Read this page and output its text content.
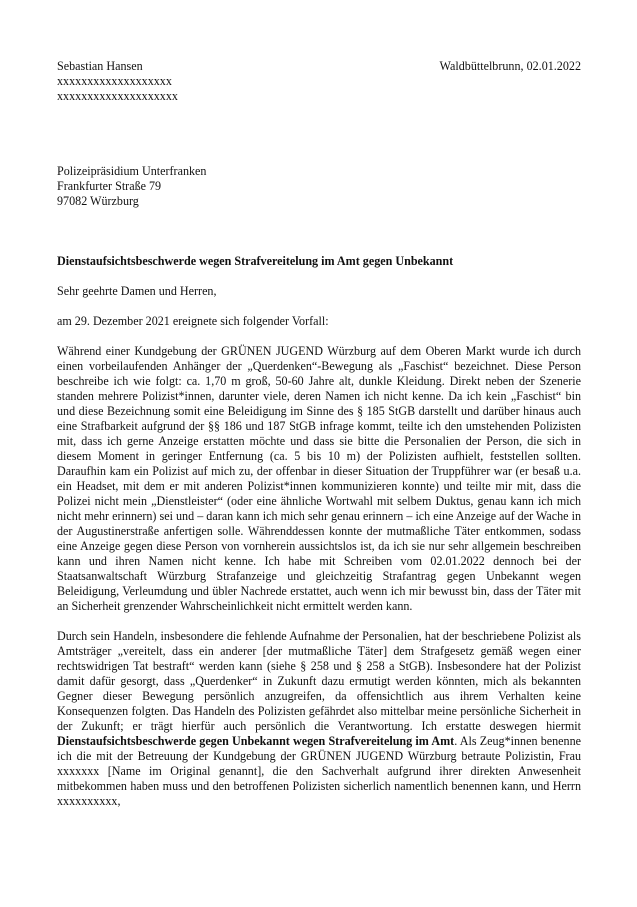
Sebastian Hansen
xxxxxxxxxxxxxxxxxxx
xxxxxxxxxxxxxxxxxxxx
Waldbüttelbrunn, 02.01.2022
Polizeipräsidium Unterfranken
Frankfurter Straße 79
97082 Würzburg
Dienstaufsichtsbeschwerde wegen Strafvereitelung im Amt gegen Unbekannt
Sehr geehrte Damen und Herren,
am 29. Dezember 2021 ereignete sich folgender Vorfall:

Während einer Kundgebung der GRÜNEN JUGEND Würzburg auf dem Oberen Markt wurde ich durch einen vorbeilaufenden Anhänger der „Querdenken“-Bewegung als „Faschist“ bezeichnet. Diese Person beschreibe ich wie folgt: ca. 1,70 m groß, 50-60 Jahre alt, dunkle Kleidung. Direkt neben der Szenerie standen mehrere Polizist*innen, darunter viele, deren Namen ich nicht kenne. Da ich kein „Faschist“ bin und diese Bezeichnung somit eine Beleidigung im Sinne des § 185 StGB darstellt und darüber hinaus auch eine Strafbarkeit aufgrund der §§ 186 und 187 StGB infrage kommt, teilte ich den umstehenden Polizisten mit, dass ich gerne Anzeige erstatten möchte und dass sie bitte die Personalien der Person, die sich in diesem Moment in geringer Entfernung (ca. 5 bis 10 m) der Polizisten aufhielt, feststellen sollten. Daraufhin kam ein Polizist auf mich zu, der offenbar in dieser Situation der Truppführer war (er besaß u.a. ein Headset, mit dem er mit anderen Polizist*innen kommunizieren konnte) und teilte mir mit, dass die Polizei nicht mein „Dienstleister“ (oder eine ähnliche Wortwahl mit selbem Duktus, genau kann ich mich nicht mehr erinnern) sei und – daran kann ich mich sehr genau erinnern – ich eine Anzeige auf der Wache in der Augustinerstraße anfertigen solle. Währenddessen konnte der mutmaßliche Täter entkommen, sodass eine Anzeige gegen diese Person von vornherein aussichtslos ist, da ich sie nur sehr allgemein beschreiben kann und ihren Namen nicht kenne. Ich habe mit Schreiben vom 02.01.2022 dennoch bei der Staatsanwaltschaft Würzburg Strafanzeige und gleichzeitig Strafantrag gegen Unbekannt wegen Beleidigung, Verleumdung und übler Nachrede erstattet, auch wenn ich mir bewusst bin, dass der Täter mit an Sicherheit grenzender Wahrscheinlichkeit nicht ermittelt werden kann.

Durch sein Handeln, insbesondere die fehlende Aufnahme der Personalien, hat der beschriebene Polizist als Amtsträger „vereitelt, dass ein anderer [der mutmaßliche Täter] dem Strafgesetz gemäß wegen einer rechtswidrigen Tat bestraft“ werden kann (siehe § 258 und § 258 a StGB). Insbesondere hat der Polizist damit dafür gesorgt, dass „Querdenker“ in Zukunft dazu ermutigt werden könnten, mich als bekannten Gegner dieser Bewegung persönlich anzugreifen, da offensichtlich aus ihrem Verhalten keine Konsequenzen folgten. Das Handeln des Polizisten gefährdet also mittelbar meine persönliche Sicherheit in der Zukunft; er trägt hierfür auch persönlich die Verantwortung. Ich erstatte deswegen hiermit Dienstaufsichtsbeschwerde gegen Unbekannt wegen Strafvereitelung im Amt. Als Zeug*innen benenne ich die mit der Betreuung der Kundgebung der GRÜNEN JUGEND Würzburg betraute Polizistin, Frau xxxxxxx [Name im Original genannt], die den Sachverhalt aufgrund ihrer direkten Anwesenheit mitbekommen haben muss und den betroffenen Polizisten sicherlich namentlich benennen kann, und Herrn xxxxxxxxxx,
